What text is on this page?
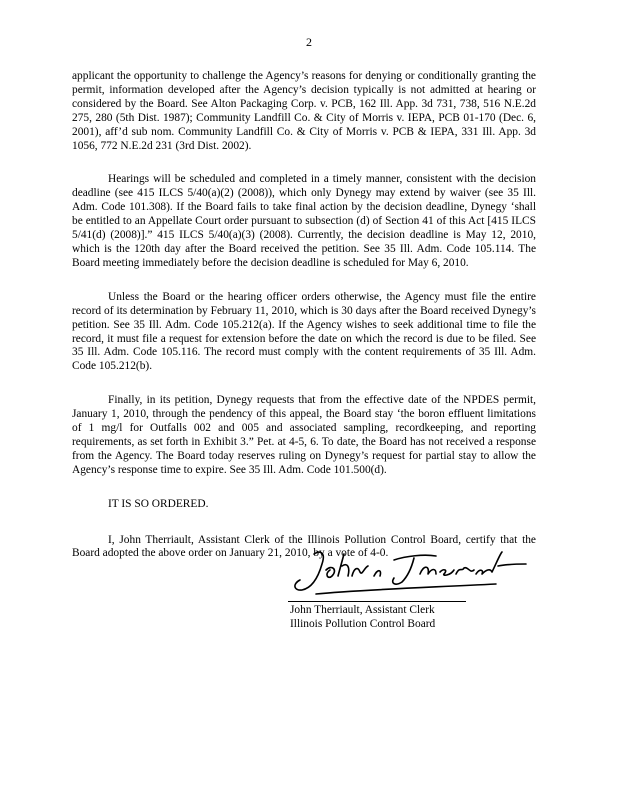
2

applicant the opportunity to challenge the Agency’s reasons for denying or conditionally granting the permit, information developed after the Agency’s decision typically is not admitted at hearing or considered by the Board. See Alton Packaging Corp. v. PCB, 162 Ill. App. 3d 731, 738, 516 N.E.2d 275, 280 (5th Dist. 1987); Community Landfill Co. & City of Morris v. IEPA, PCB 01-170 (Dec. 6, 2001), aff’d sub nom. Community Landfill Co. & City of Morris v. PCB & IEPA, 331 Ill. App. 3d 1056, 772 N.E.2d 231 (3rd Dist. 2002).

Hearings will be scheduled and completed in a timely manner, consistent with the decision deadline (see 415 ILCS 5/40(a)(2) (2008)), which only Dynegy may extend by waiver (see 35 Ill. Adm. Code 101.308). If the Board fails to take final action by the decision deadline, Dynegy ‘shall be entitled to an Appellate Court order pursuant to subsection (d) of Section 41 of this Act [415 ILCS 5/41(d) (2008)].” 415 ILCS 5/40(a)(3) (2008). Currently, the decision deadline is May 12, 2010, which is the 120th day after the Board received the petition. See 35 Ill. Adm. Code 105.114. The Board meeting immediately before the decision deadline is scheduled for May 6, 2010.

Unless the Board or the hearing officer orders otherwise, the Agency must file the entire record of its determination by February 11, 2010, which is 30 days after the Board received Dynegy’s petition. See 35 Ill. Adm. Code 105.212(a). If the Agency wishes to seek additional time to file the record, it must file a request for extension before the date on which the record is due to be filed. See 35 Ill. Adm. Code 105.116. The record must comply with the content requirements of 35 Ill. Adm. Code 105.212(b).

Finally, in its petition, Dynegy requests that from the effective date of the NPDES permit, January 1, 2010, through the pendency of this appeal, the Board stay ‘the boron effluent limitations of 1 mg/l for Outfalls 002 and 005 and associated sampling, recordkeeping, and reporting requirements, as set forth in Exhibit 3.” Pet. at 4-5, 6. To date, the Board has not received a response from the Agency. The Board today reserves ruling on Dynegy’s request for partial stay to allow the Agency’s response time to expire. See 35 Ill. Adm. Code 101.500(d).

IT IS SO ORDERED.

I, John Therriault, Assistant Clerk of the Illinois Pollution Control Board, certify that the Board adopted the above order on January 21, 2010, by a vote of 4-0.

John Therriault, Assistant Clerk
Illinois Pollution Control Board
